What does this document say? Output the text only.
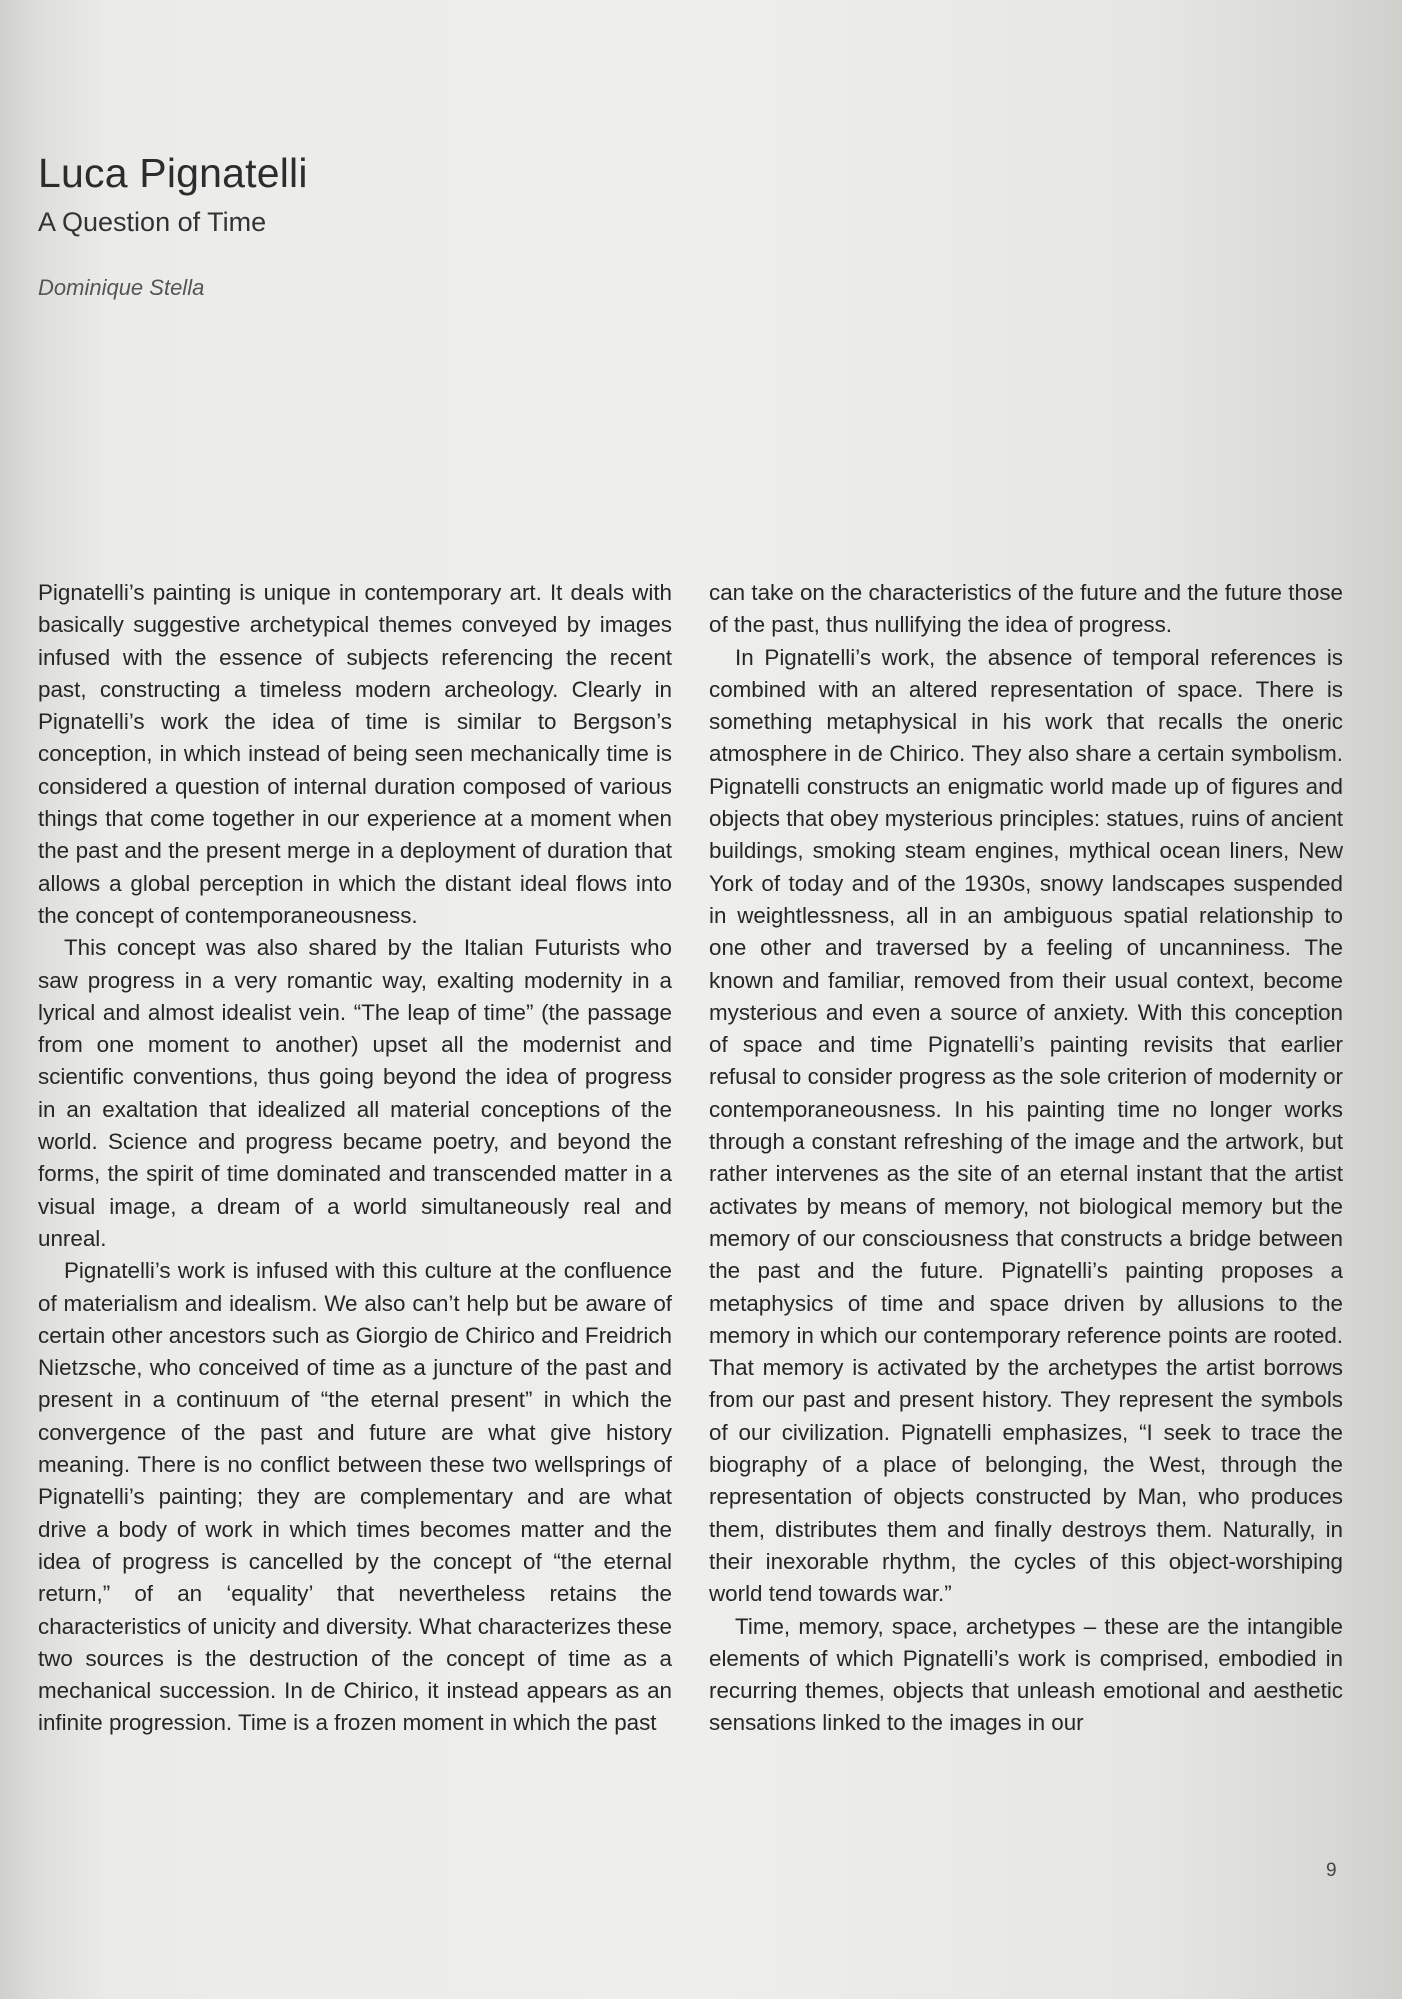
Luca Pignatelli
A Question of Time
Dominique Stella

Pignatelli’s painting is unique in contemporary art. It deals with basically suggestive archetypical themes conveyed by images infused with the essence of subjects referencing the recent past, constructing a timeless modern archeology. Clearly in Pignatelli’s work the idea of time is similar to Bergson’s conception, in which instead of being seen mechanically time is considered a question of internal duration composed of various things that come together in our experience at a moment when the past and the present merge in a deployment of duration that allows a global perception in which the distant ideal flows into the concept of contemporaneousness.

This concept was also shared by the Italian Futurists who saw progress in a very romantic way, exalting modernity in a lyrical and almost idealist vein. “The leap of time” (the passage from one moment to another) upset all the modernist and scientific conventions, thus going beyond the idea of progress in an exaltation that idealized all material conceptions of the world. Science and progress became poetry, and beyond the forms, the spirit of time dominated and transcended matter in a visual image, a dream of a world simultaneously real and unreal.

Pignatelli’s work is infused with this culture at the confluence of materialism and idealism. We also can’t help but be aware of certain other ancestors such as Giorgio de Chirico and Freidrich Nietzsche, who conceived of time as a juncture of the past and present in a continuum of “the eternal present” in which the convergence of the past and future are what give history meaning. There is no conflict between these two wellsprings of Pignatelli’s painting; they are complementary and are what drive a body of work in which times becomes matter and the idea of progress is cancelled by the concept of “the eternal return,” of an ‘equality’ that nevertheless retains the characteristics of unicity and diversity. What characterizes these two sources is the destruction of the concept of time as a mechanical succession. In de Chirico, it instead appears as an infinite progression. Time is a frozen moment in which the past

can take on the characteristics of the future and the future those of the past, thus nullifying the idea of progress.

In Pignatelli’s work, the absence of temporal references is combined with an altered representation of space. There is something metaphysical in his work that recalls the oneric atmosphere in de Chirico. They also share a certain symbolism. Pignatelli constructs an enigmatic world made up of figures and objects that obey mysterious principles: statues, ruins of ancient buildings, smoking steam engines, mythical ocean liners, New York of today and of the 1930s, snowy landscapes suspended in weightlessness, all in an ambiguous spatial relationship to one other and traversed by a feeling of uncanniness. The known and familiar, removed from their usual context, become mysterious and even a source of anxiety. With this conception of space and time Pignatelli’s painting revisits that earlier refusal to consider progress as the sole criterion of modernity or contemporaneousness. In his painting time no longer works through a constant refreshing of the image and the artwork, but rather intervenes as the site of an eternal instant that the artist activates by means of memory, not biological memory but the memory of our consciousness that constructs a bridge between the past and the future. Pignatelli’s painting proposes a metaphysics of time and space driven by allusions to the memory in which our contemporary reference points are rooted. That memory is activated by the archetypes the artist borrows from our past and present history. They represent the symbols of our civilization. Pignatelli emphasizes, “I seek to trace the biography of a place of belonging, the West, through the representation of objects constructed by Man, who produces them, distributes them and finally destroys them. Naturally, in their inexorable rhythm, the cycles of this object-worshiping world tend towards war.”

Time, memory, space, archetypes – these are the intangible elements of which Pignatelli’s work is comprised, embodied in recurring themes, objects that unleash emotional and aesthetic sensations linked to the images in our

9
